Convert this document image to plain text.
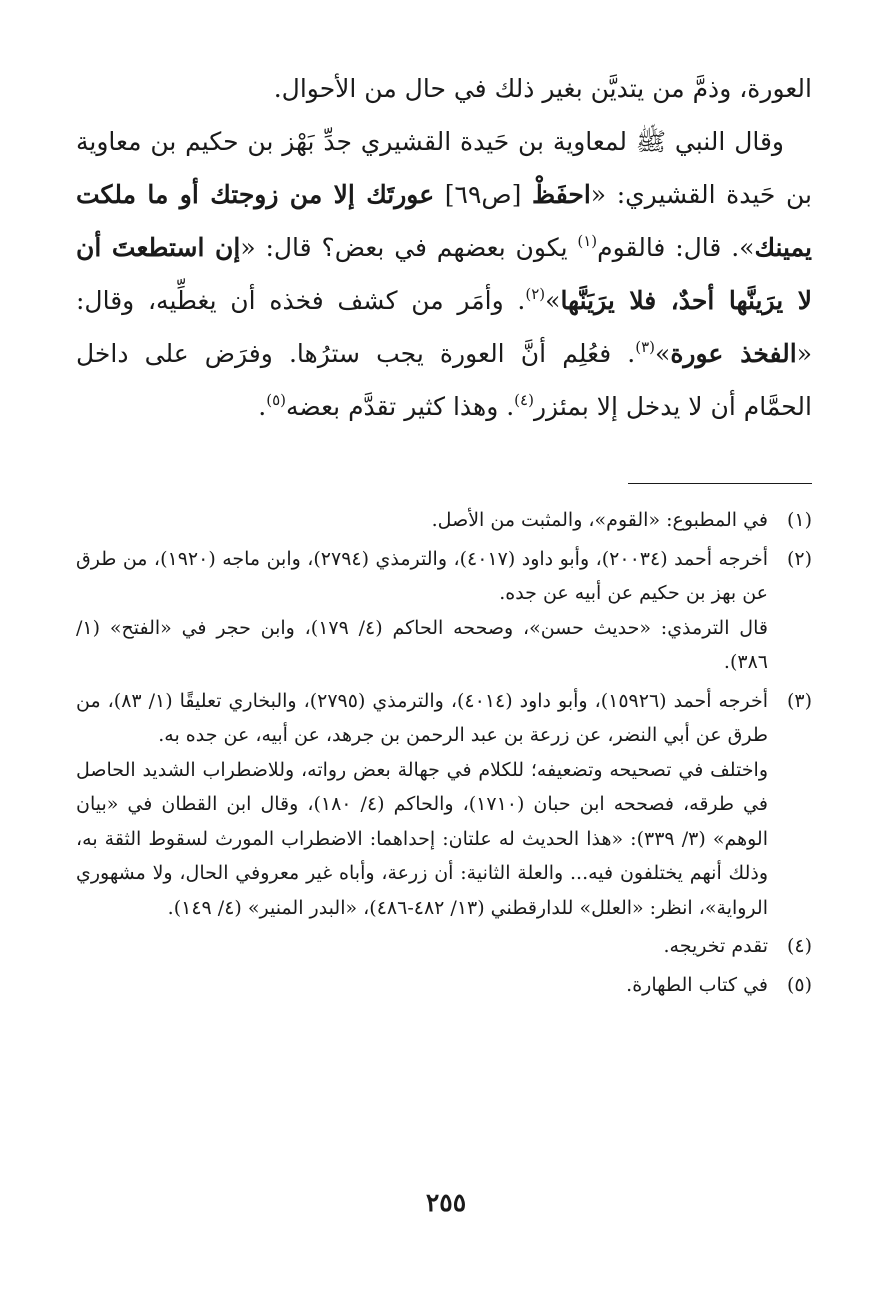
العورة، وذمَّ من يتديَّن بغير ذلك في حال من الأحوال.

وقال النبي ﷺ لمعاوية بن حَيدة القشيري جدِّ بَهْز بن حكيم بن معاوية بن حَيدة القشيري: «احفَظْ [ص٦٩] عورتَك إلا من زوجتك أو ما ملكت يمينك». قال: فالقوم$^{(١)}$ يكون بعضهم في بعض؟ قال: «إن استطعتَ أن لا يرَينَّها أحدٌ، فلا يرَيَنَّها»$^{(٢)}$. وأمَر من كشف فخذه أن يغطِّيه، وقال: «الفخذ عورة»$^{(٣)}$. فعُلِم أنَّ العورة يجب سترُها. وفرَض على داخل الحمَّام أن لا يدخل إلا بمئزر$^{(٤)}$. وهذا كثير تقدَّم بعضه$^{(٥)}$.

(١)

في المطبوع: «القوم»، والمثبت من الأصل.

(٢)

أخرجه أحمد (٢٠٠٣٤)، وأبو داود (٤٠١٧)، والترمذي (٢٧٩٤)، وابن ماجه (١٩٢٠)، من طرق عن بهز بن حكيم عن أبيه عن جده.

قال الترمذي: «حديث حسن»، وصححه الحاكم (٤/ ١٧٩)، وابن حجر في «الفتح» (١/ ٣٨٦).

(٣)

أخرجه أحمد (١٥٩٢٦)، وأبو داود (٤٠١٤)، والترمذي (٢٧٩٥)، والبخاري تعليقًا (١/ ٨٣)، من طرق عن أبي النضر، عن زرعة بن عبد الرحمن بن جرهد، عن أبيه، عن جده به.

واختلف في تصحيحه وتضعيفه؛ للكلام في جهالة بعض رواته، وللاضطراب الشديد الحاصل في طرقه، فصححه ابن حبان (١٧١٠)، والحاكم (٤/ ١٨٠)، وقال ابن القطان في «بيان الوهم» (٣/ ٣٣٩): «هذا الحديث له علتان: إحداهما: الاضطراب المورث لسقوط الثقة به، وذلك أنهم يختلفون فيه... والعلة الثانية: أن زرعة، وأباه غير معروفي الحال، ولا مشهوري الرواية»، انظر: «العلل» للدارقطني (١٣/ ٤٨٢-٤٨٦)، «البدر المنير» (٤/ ١٤٩).

(٤)

تقدم تخريجه.

(٥)

في كتاب الطهارة.

٢٥٥
